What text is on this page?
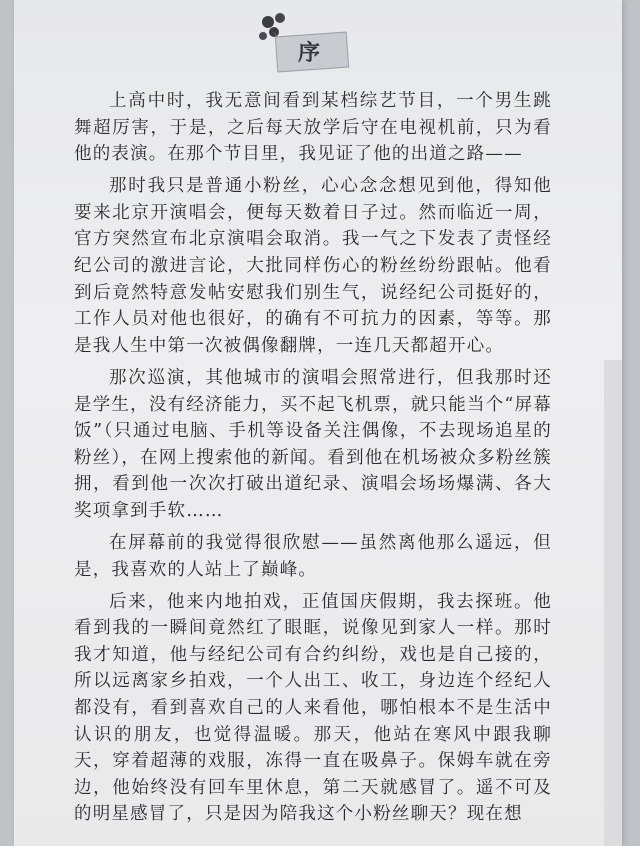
序

上高中时，我无意间看到某档综艺节目，一个男生跳舞超厉害，于是，之后每天放学后守在电视机前，只为看他的表演。在那个节目里，我见证了他的出道之路——

那时我只是普通小粉丝，心心念念想见到他，得知他要来北京开演唱会，便每天数着日子过。然而临近一周，官方突然宣布北京演唱会取消。我一气之下发表了责怪经纪公司的激进言论，大批同样伤心的粉丝纷纷跟帖。他看到后竟然特意发帖安慰我们别生气，说经纪公司挺好的，工作人员对他也很好，的确有不可抗力的因素，等等。那是我人生中第一次被偶像翻牌，一连几天都超开心。

那次巡演，其他城市的演唱会照常进行，但我那时还是学生，没有经济能力，买不起飞机票，就只能当个“屏幕饭”（只通过电脑、手机等设备关注偶像，不去现场追星的粉丝），在网上搜索他的新闻。看到他在机场被众多粉丝簇拥，看到他一次次打破出道纪录、演唱会场场爆满、各大奖项拿到手软……

在屏幕前的我觉得很欣慰——虽然离他那么遥远，但是，我喜欢的人站上了巅峰。

后来，他来内地拍戏，正值国庆假期，我去探班。他看到我的一瞬间竟然红了眼眶，说像见到家人一样。那时我才知道，他与经纪公司有合约纠纷，戏也是自己接的，所以远离家乡拍戏，一个人出工、收工，身边连个经纪人都没有，看到喜欢自己的人来看他，哪怕根本不是生活中认识的朋友，也觉得温暖。那天，他站在寒风中跟我聊天，穿着超薄的戏服，冻得一直在吸鼻子。保姆车就在旁边，他始终没有回车里休息，第二天就感冒了。遥不可及的明星感冒了，只是因为陪我这个小粉丝聊天？现在想
